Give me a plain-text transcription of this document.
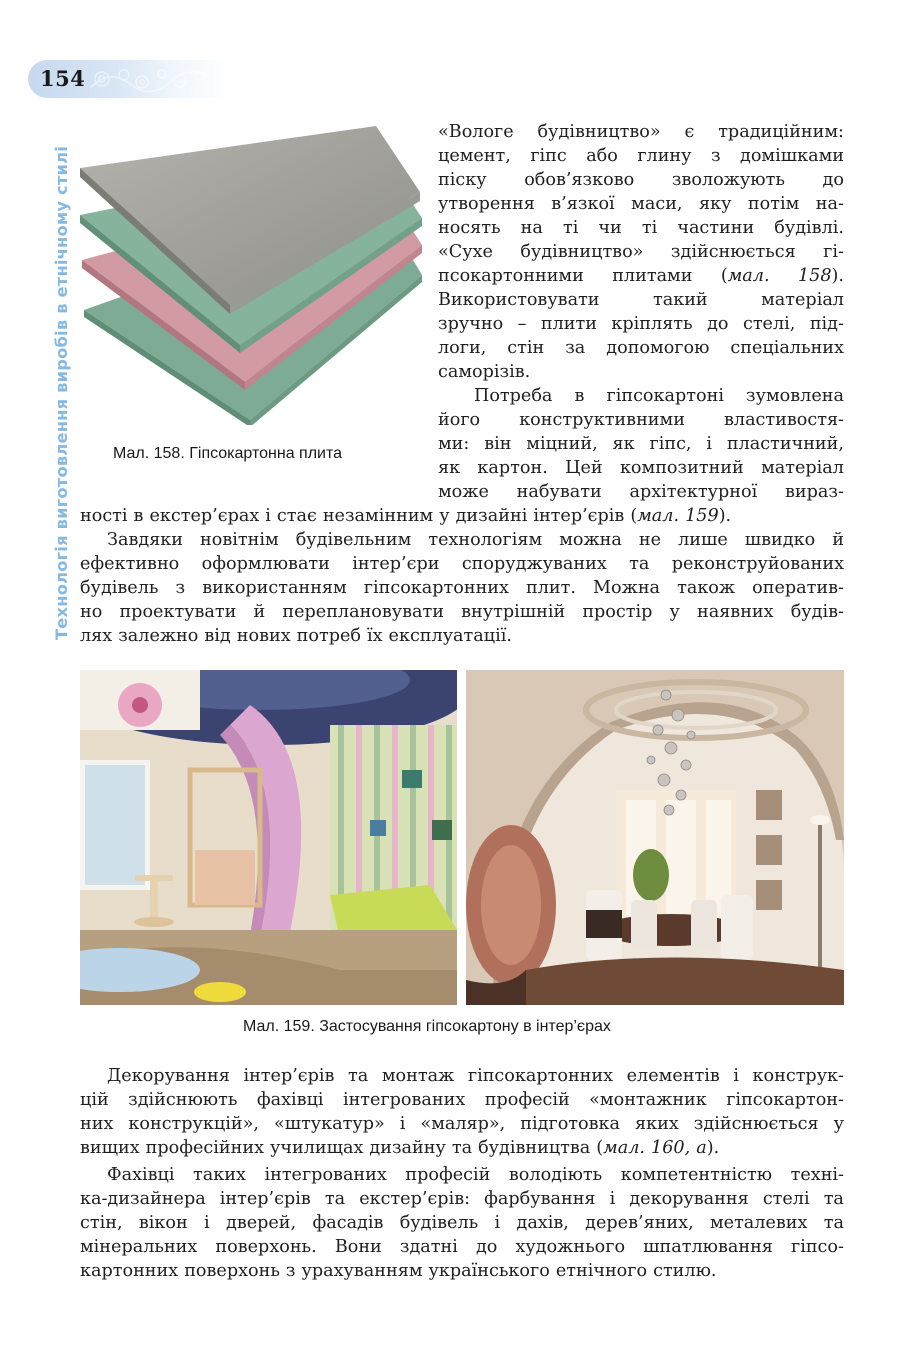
154
Технологія виготовлення виробів в етнічному стилі	Мал. 158. Гіпсокартонна плита
«Вологе будівництво» є традиційним:
цемент, гіпс або глину з домішками
піску обов’язково зволожують до
утворення в’язкої маси, яку потім на-
носять на ті чи ті частини будівлі.
«Сухе будівництво» здійснюється гі-
псокартонними плитами (мал. 158).
Використовувати	такий	матеріал
зручно – плити кріплять до стелі, під-
логи, стін за допомогою спеціальних
саморізів.
Потреба в гіпсокартоні зумовлена
його конструктивними властивостя-
ми: він міцний, як гіпс, і пластичний,
як картон. Цей композитний матеріал
може набувати архітектурної вираз-
ності в екстер’єрах і стає незамінним у дизайні інтер’єрів (мал. 159).
Завдяки новітнім будівельним технологіям можна не лише швидко й
ефективно оформлювати інтер’єри споруджуваних та реконструйованих
будівель з використанням гіпсокартонних плит. Можна також оператив-
но проектувати й переплановувати внутрішній простір у наявних будів-
лях залежно від нових потреб їх експлуатації.
Декорування інтер’єрів та монтаж гіпсокартонних елементів і конструк-
цій здійснюють фахівці інтегрованих професій «монтажник гіпсокартон-
них конструкцій», «штукатур» і «маляр», підготовка яких здійснюється у
вищих професійних училищах дизайну та будівництва (мал. 160, а).
Фахівці таких інтегрованих професій володіють компетентністю техні-
ка-дизайнера інтер’єрів та екстер’єрів: фарбування і декорування стелі та
стін, вікон і дверей, фасадів будівель і дахів, дерев’яних, металевих та
мінеральних поверхонь. Вони здатні до художнього шпатлювання гіпсо-
картонних поверхонь з урахуванням українського етнічного стилю.
Мал. 159. Застосування гіпсокартону в інтер’єрах
